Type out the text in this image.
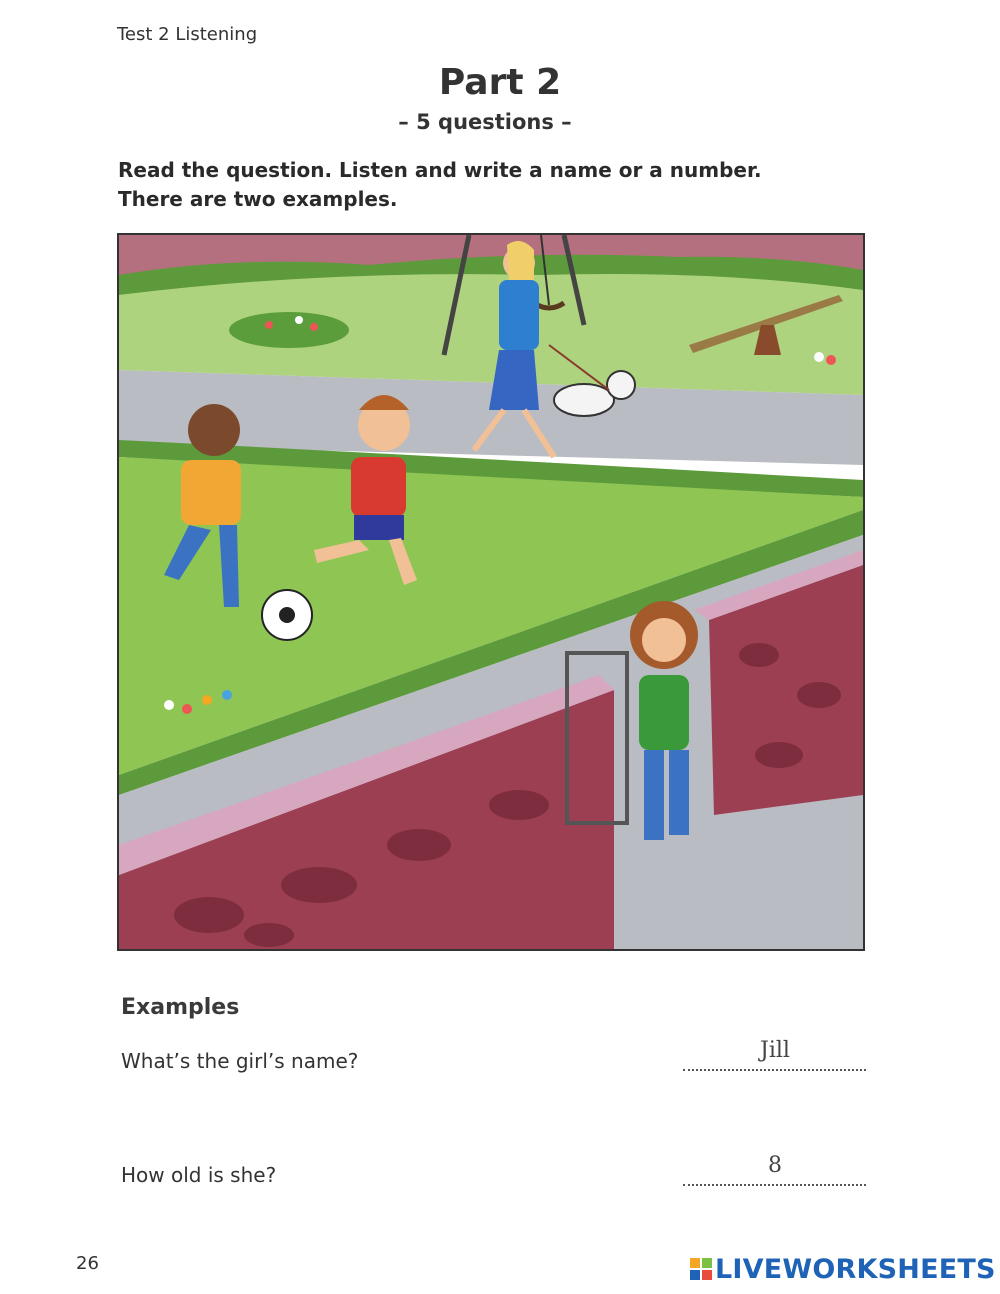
Test 2 Listening
Part 2
– 5 questions –
Read the question. Listen and write a name or a number.
There are two examples.
Examples
What’s the girl’s name?	Jill
How old is she?	8
26	LIVEWORKSHEETS
